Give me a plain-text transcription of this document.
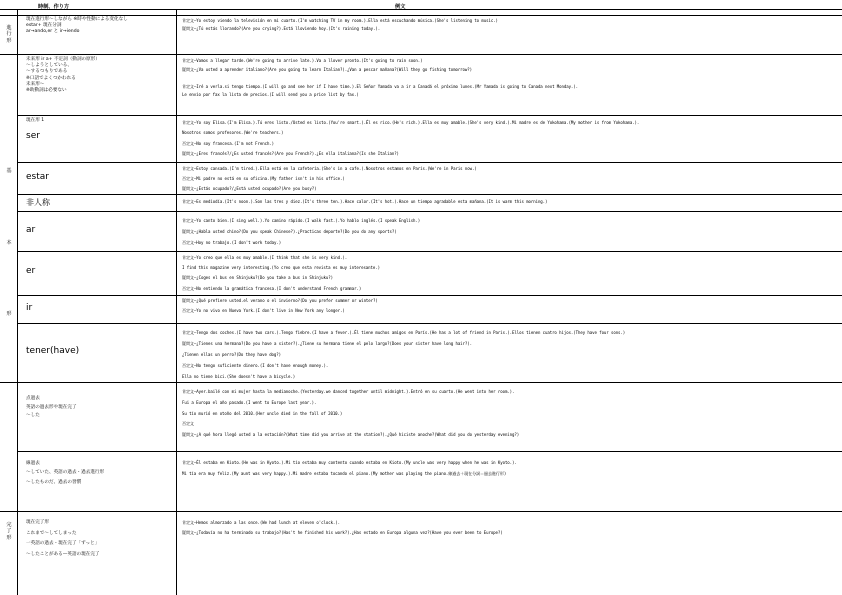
時制、作り方	例文
進
行
形
基
本
形
完
了
形
現在進行形〜しながら ※時や性動による変化なし
estar+ 現在分詞
ar→ando,er と ir→iendo
肯定文—Yo estoy viendo la televisión en mi cuarto.(I'm watching TV in my room.).Ella está escuchando música.(She's listening to music.)
疑問文—¿Tú estás llorando?(Are you crying?).Está lloviendo hoy.(It's raining today.).
未来形 ir a+ 不定詞（動詞の原形）
〜しようとしている、
〜するつもりである
※口語でよくつかわれる
未来形〜
※助動詞は必要ない
肯定文—Vamos a llegar tarde.(We're going to arrive late.).Va a llover pronto.(It's going to rain soon.)
疑問文—¿Va usted a aprender italiano?(Are you going to learn Italian?).¿Van a pescar mañana?(Will they go fishing tomorrow?)

肯定文—Iré a verla.si tengo tiempo.(I will go and see her if I have time.).El Señor Yamada va a ir a Canadá el próximo lunes.(Mr Yamada is going to Canada next Monday.).
Le envío por fax la lista de precios.(I will send you a price list by fax.)
現在形 1
ser
肯定文—Yo soy Elisa.(I'm Elisa.).Tú eres listo./Usted es listo.(You're smart.).Él es rico.(He's rich.).Ella es muy amable.(She's very kind.).Mi madre es de Yokohama.(My mother is from Yokohama.).
Nosotros somos profesores.(We're teachers.)
否定文—No soy francesa.(I'm not French.)
疑問文—¿Eres francés?/¿Es usted francés?(Are you French?).¿Es ella italiana?(Is she Italian?)
estar
肯定文—Estoy cansada.(I'm tired.).Ella está en la cafetería.(She's in a cafe.).Nosotros estamos en París.(We're in Paris now.)
否定文—Mi padre no está en su oficina.(My father isn't in his office.)
疑問文—¿Estás ocupado?/¿Está usted ocupado?(Are you busy?)
非人称	肯定文—Es mediodía.(It's noon.).Son las tres y diez.(It's three ten.).Hace calor.(It's hot.).Hace un tiempo agradable esta mañana.(It is warm this morning.)
ar
肯定文—Yo canto bien.(I sing well.).Yo camino rápido.(I walk fast.).Yo hablo inglés.(I speak English.)
疑問文—¿Habla usted chino?(Do you speak Chinese?).¿Practicas deporte?(Do you do any sports?)
否定文—Hoy no trabajo.(I don't work today.)
er
肯定文—Yo creo que ella es muy amable.(I think that she is very kind.).
I find this magazine very interesting.(Yo creo que esta revista es muy interesante.)
疑問文—¿Coges el bus en Shinjuku?(Do you take a bus in Shinjuku?)
否定文—No entiendo la gramática francesa.(I don't understand French grammar.)
ir
疑問文—¿Qué prefiere usted.el verano o el invierno?(Do you prefer summer or winter?)
否定文—Yo no vivo en Nueva York.(I don't live in New York any longer.)
tener(have)
肯定文—Tengo dos coches.(I have two cars.).Tengo fiebre.(I have a fever.).Él tiene muchos amigos en París.(He has a lot of friend in Paris.).Ellos tienen cuatro hijos.(They have four sons.)
疑問文—¿Tienes una hermana?(Do you have a sister?).¿Tiene su hermana tiene el pelo largo?(Does your sister have long hair?).
¿Tienen ellas un perro?(Do they have dog?)
否定文—No tengo suficiente dinero.(I don't have enough money.).
Ella no tiene bici.(She doesn't have a bicycle.)
点過去
英語の過去形や現在完了
〜した
肯定文—Ayer.bailé con mi mujer hasta la medianoche.(Yesterday.we danced together until midnight.).Entró en su cuarto.(He went into her room.).
Fui a Europa el año pasado.(I went to Europe last year.).
Su tío murió en otoño del 2010.(Her uncle died in the fall of 2010.)
否定文
疑問文—¿A qué hora llegó usted a la estación?(What time did you arrive at the station?).¿Qué hiciste anoche?(What did you do yesterday evening?)
線過去
〜していた、英語の過去・過去進行形
〜したものだ、過去の習慣
肯定文—Él estaba en Kioto.(He was in Kyoto.).Mi tío estaba muy contento cuando estaba en Kioto.(My uncle was very happy when he was in Kyoto.).
Mi tía era muy feliz.(My aunt was very happy.).Mi madre estaba tocando el piano.(My mother was playing the piano.線過去＋現在分詞＝過去進行形)
現在完了形
これまで〜してしまった
一英語の過去・現在完了「ずっと」
〜したことがある—英語の現在完了
肯定文—Hemos almorzado a las once.(We had lunch at eleven o'clock.).
疑問文—¿Todavía no ha terminado su trabajo?(Has't he finished his work?).¿Has estado en Europa alguna vez?(Have you ever been to Europe?)
